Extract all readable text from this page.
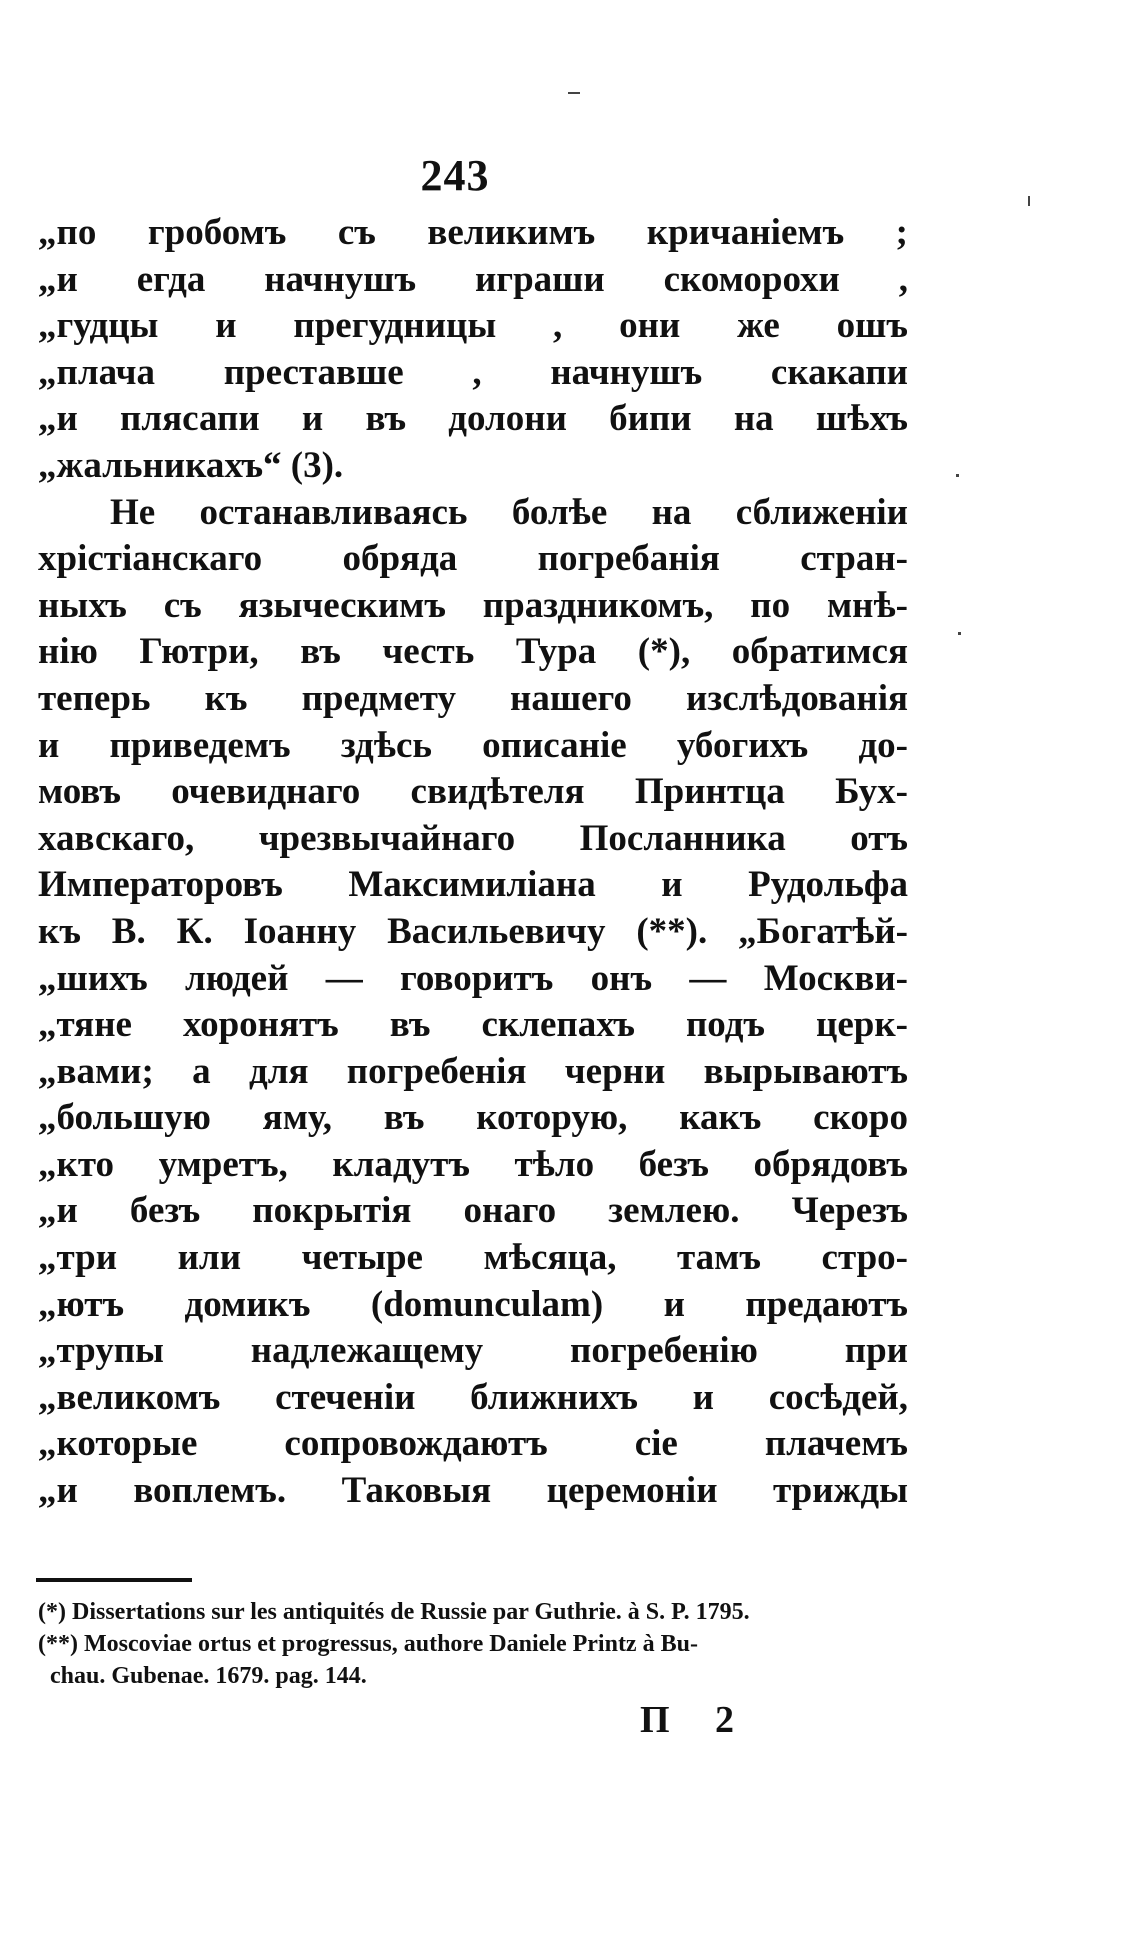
243
„по гробомъ съ великимъ кричанiемъ ;
„и егда начнушъ играши скоморохи ,
„гудцы и прегудницы , они же ошъ
„плача преставше , начнушъ скакапи
„и плясапи и въ долони бипи на шѣхъ
„жальникахъ“ (3).
Не останавливаясь болѣе на сближенiи
хрiстiанскаго обряда погребанiя стран-
ныхъ съ языческимъ праздникомъ, по мнѣ-
нiю Гютри, въ честь Тура (*), обратимся
теперь къ предмету нашего изслѣдованiя
и приведемъ здѣсь описанiе убогихъ до-
мовъ очевиднаго свидѣтеля Принтца Бух-
хавскаго, чрезвычайнаго Посланника отъ
Императоровъ Максимилiана и Рудольфа
къ В. К. Iоанну Васильевичу (**). „Богатѣй-
„шихъ людей — говоритъ онъ — Москви-
„тяне хоронятъ въ склепахъ подъ церк-
„вами; а для погребенiя черни вырываютъ
„большую яму, въ которую, какъ скоро
„кто умретъ, кладутъ тѣло безъ обрядовъ
„и безъ покрытiя онаго землею. Черезъ
„три или четыре мѣсяца, тамъ стро-
„ютъ домикъ (domunculam) и предаютъ
„трупы надлежащему погребенiю при
„великомъ стеченiи ближнихъ и сосѣдей,
„которые сопровождаютъ сiе плачемъ
„и воплемъ. Таковыя церемонiи трижды
(*) Dissertations sur les antiquités de Russie par Guthrie. à S. P. 1795.
(**) Moscoviae ortus et progressus, authore Daniele Printz à Bu-
chau. Gubenae. 1679. pag. 144.
П 2
